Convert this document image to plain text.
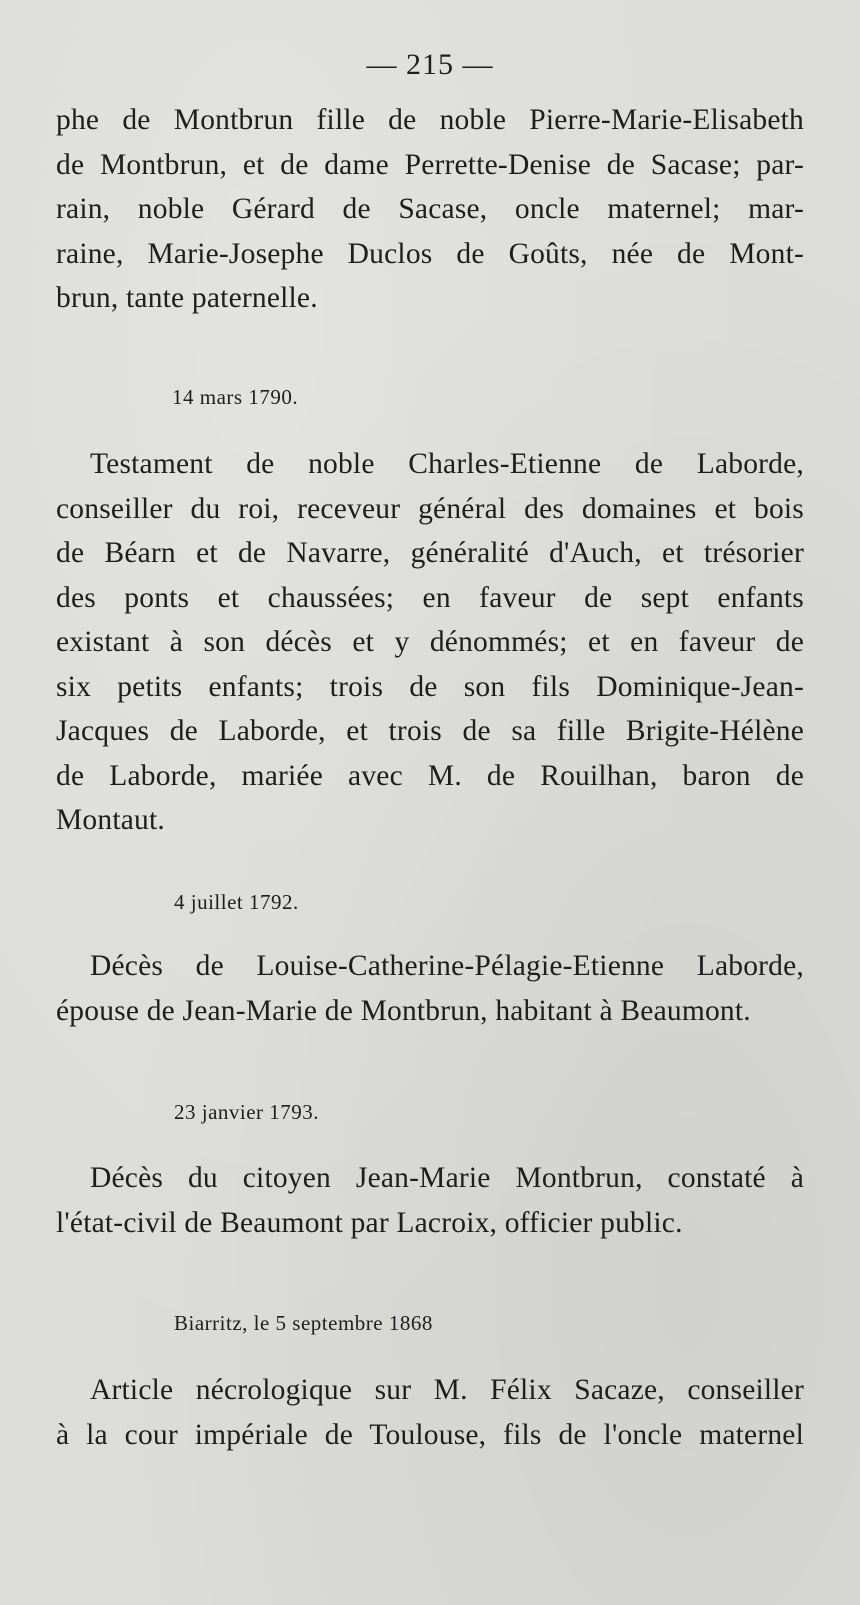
— 215 —
phe de Montbrun fille de noble Pierre-Marie-Elisabeth
de Montbrun, et de dame Perrette-Denise de Sacase; par-
rain, noble Gérard de Sacase, oncle maternel; mar-
raine, Marie-Josephe Duclos de Goûts, née de Mont-
brun, tante paternelle.
14 mars 1790.
Testament de noble Charles-Etienne de Laborde,
conseiller du roi, receveur général des domaines et bois
de Béarn et de Navarre, généralité d'Auch, et trésorier
des ponts et chaussées; en faveur de sept enfants
existant à son décès et y dénommés; et en faveur de
six petits enfants; trois de son fils Dominique-Jean-
Jacques de Laborde, et trois de sa fille Brigite-Hélène
de Laborde, mariée avec M. de Rouilhan, baron de
Montaut.
4 juillet 1792.
Décès de Louise-Catherine-Pélagie-Etienne Laborde,
épouse de Jean-Marie de Montbrun, habitant à Beaumont.
23 janvier 1793.
Décès du citoyen Jean-Marie Montbrun, constaté à
l'état-civil de Beaumont par Lacroix, officier public.
Biarritz, le 5 septembre 1868
Article nécrologique sur M. Félix Sacaze, conseiller
à la cour impériale de Toulouse, fils de l'oncle maternel
